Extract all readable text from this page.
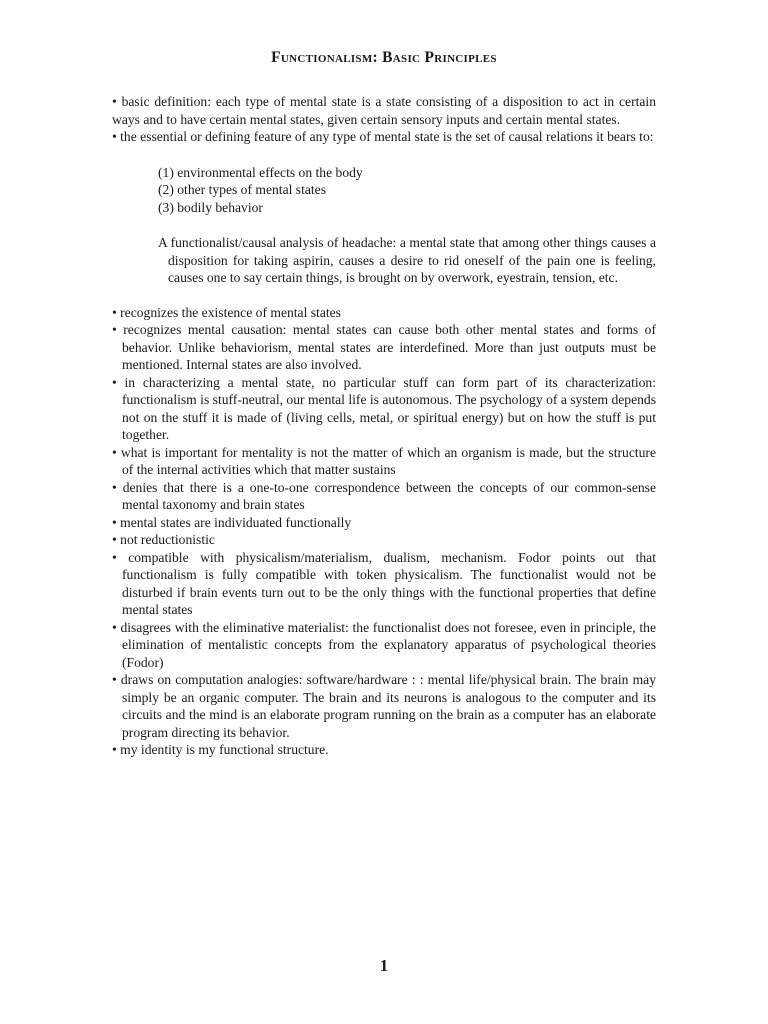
Functionalism: Basic Principles

• basic definition: each type of mental state is a state consisting of a disposition to act in certain ways and to have certain mental states, given certain sensory inputs and certain mental states.

• the essential or defining feature of any type of mental state is the set of causal relations it bears to:

(1) environmental effects on the body
(2) other types of mental states
(3) bodily behavior

A functionalist/causal analysis of headache: a mental state that among other things causes a disposition for taking aspirin, causes a desire to rid oneself of the pain one is feeling, causes one to say certain things, is brought on by overwork, eyestrain, tension, etc.

• recognizes the existence of mental states

• recognizes mental causation: mental states can cause both other mental states and forms of behavior. Unlike behaviorism, mental states are interdefined. More than just outputs must be mentioned. Internal states are also involved.

• in characterizing a mental state, no particular stuff can form part of its characterization: functionalism is stuff-neutral, our mental life is autonomous. The psychology of a system depends not on the stuff it is made of (living cells, metal, or spiritual energy) but on how the stuff is put together.

• what is important for mentality is not the matter of which an organism is made, but the structure of the internal activities which that matter sustains

• denies that there is a one-to-one correspondence between the concepts of our common-sense mental taxonomy and brain states

• mental states are individuated functionally

• not reductionistic

• compatible with physicalism/materialism, dualism, mechanism. Fodor points out that functionalism is fully compatible with token physicalism. The functionalist would not be disturbed if brain events turn out to be the only things with the functional properties that define mental states

• disagrees with the eliminative materialist: the functionalist does not foresee, even in principle, the elimination of mentalistic concepts from the explanatory apparatus of psychological theories (Fodor)

• draws on computation analogies: software/hardware : : mental life/physical brain. The brain may simply be an organic computer. The brain and its neurons is analogous to the computer and its circuits and the mind is an elaborate program running on the brain as a computer has an elaborate program directing its behavior.

• my identity is my functional structure.

1
